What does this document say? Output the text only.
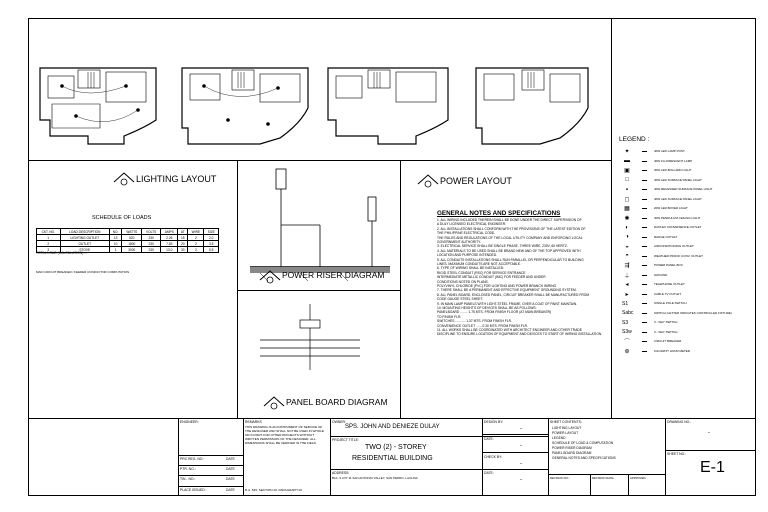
LIGHTING LAYOUT	POWER LAYOUT
SCHEDULE OF LOADS
CKT. NO.	LOAD DESCRIPTION	NO.	WATTS	VOLTS	AMPS	AT	WIRE	SIZE
1	LIGHTING OUTLET	13	520	230	2.26	15	2	2.0
2	OUTLET	10	1800	230	7.83	20	2	3.5
3	STOVE	1	3000	230	13.0	30	2	5.5
TOTAL LOAD (CALCULATION) ...
MAIN CIRCUIT BREAKER / FEEDER CONDUCTOR COMPUTATION	POWER RISER DIAGRAM
PANEL BOARD DIAGRAM
GENERAL NOTES AND SPECIFICATIONS
1. ALL WIRING INCLUDED THEREIN SHALL BE DONE UNDER THE DIRECT SUPERVISION OF
A DULY LICENSED ELECTRICAL ENGINEER.
2. ALL INSTALLATIONS SHALL CONFORM WITH THE PROVISIONS OF THE LATEST EDITION OF
THE PHILIPPINE ELECTRICAL CODE.
THE RULES AND REGULATIONS OF THE LOCAL UTILITY COMPANY AND ENFORCING LOCAL
GOVERNMENT AUTHORITY.
3. ELECTRICAL SERVICE SHALL BE SINGLE PHASE, THREE WIRE, 230V, 60 HERTZ.
4. ALL MATERIALS TO BE USED SHALL BE BRAND NEW AND OF THE TOP APPROVED WITH
LOCATION AND PURPOSE INTENDED.
5. ALL CONDUITS INSTALLATIONS SHALL RUN PARALLEL OR PERPENDICULAR TO BUILDING
LINES. MAXIMUM CONDUITS ARE NOT ACCEPTABLE.
6. TYPE OF WIRING SHALL BE INSTALLED:
RIGID STEEL CONDUIT (RSC) FOR SERVICE ENTRANCE
INTERMEDIATE METALLIC CONDUIT (IMC) FOR FEEDER AND UNDER
CONDITIONS NOTED ON PLANS.
POLYVINYL CHLORIDE (PVC) FOR LIGHTING AND POWER BRANCH WIRING
7. THERE SHALL BE A PERMANENT AND EFFECTIVE EQUIPMENT GROUNDING SYSTEM.
8. ALL PANEL BOARD, ENCLOSED PANEL, CIRCUIT BREAKER SHALL BE MANUFACTURED FROM
CODE GAUGE STEEL SHEET.
9. IN MAIN LAMP PANELS WITH LIGHT-STEEL FRAME, OVER A COAT OF PAINT MAINTAIN.
10. MOUNTING HEIGHTS OF DEVICES SHALL BE AS FOLLOWS:
PANELBOARD ........ 1.75 MTS. FROM FINISH FLOOR (AT MAIN BREAKER)
TO FINISH FLR.
SWITCHES ........... 1.37 MTS. FROM FINISH FLR.
CONVENIENCE OUTLET ...... 0.30 MTS. FROM FINISH FLR.
11. ALL WORKS SHALL BE COORDINATED WITH ARCHITECT ENGINEER AND OTHER TRADE
DISCIPLINE TO ENSURE LOCATION OF EQUIPMENT AND DEVICES TO START OF WIRING INSTALLATION.
LEGEND :
✦	40W LED LAMP POST
▬	40W FLUORESCENT LAMP
▣	30W LED BOLLARD LIGHT
□	40W LED SURFACE PANEL LIGHT
▪	40W RECESSED SURFACE PANEL LIGHT
◻	40W LED SURFACE PANEL LIGHT
▦	20W LED BOXED LIGHT
✺	40W PENDULUM CEILING LIGHT
◐	DUPLEX CONVENIENCE OUTLET
◑	RANGE OUTLET
◒	AIRCONDITIONING OUTLET
◓	WEATHER PROOF CONV. OUTLET
⇶	POWER PANEL BOX
⏚	GROUND
◂	TELEPHONE OUTLET
▸	CABLE TV OUTLET
S1	SINGLE POLE SWITCH
Sabc	SWITCH (LETTER INDICATES CONTROLLED FIXTURE)
S3	3 - WAY SWITCH
S3w	3 - WAY SWITCH
⌒	CIRCUIT BREAKER
⊛	KILOWATT HOUR METER
ENGINEER:
PRC REG. NO.:
PTR. NO.:
TIN - NO.:
PLACE ISSUED:
DATE
DATE
DATE
DATE
REMARKS
THIS DRAWING IS AN INSTRUMENT OF SERVICE OF THE DESIGNER AND SHALL NOT BE USED IN WHOLE OR IN PART FOR OTHER PROJECTS WITHOUT WRITTEN PERMISSION OF THE DESIGNER. ALL DIMENSIONS SHALL BE VERIFIED IN THE FIELD.
R.A. 545, SECTION 20, PARAGRAPH 04
OWNER:
SPS. JOHN AND DENIEZE DULAY
PROJECT TITLE:
TWO (2) - STOREY
RESIDENTIAL BUILDING
ADDRESS:
BLK. 3 LOT 11 SAN ANTONIO VALLEY, SAN PEDRO, LAGUNA
DESIGN BY:
-
DATE:
-
CHECK BY:
-
DATE:
-
SHEET CONTENTS:
LIGHTING LAYOUT
POWER LAYOUT
LEGEND
SCHEDULE OF LOAD & COMPUTATION
POWER RISER DIAGRAM
PANEL BOARD DIAGRAM
GENERAL NOTES AND SPECIFICATIONS
REVISION NO.:	REVISION DATE:	APPROVED:
DRAWING NO.:
-
SHEET NO.:
E-1
